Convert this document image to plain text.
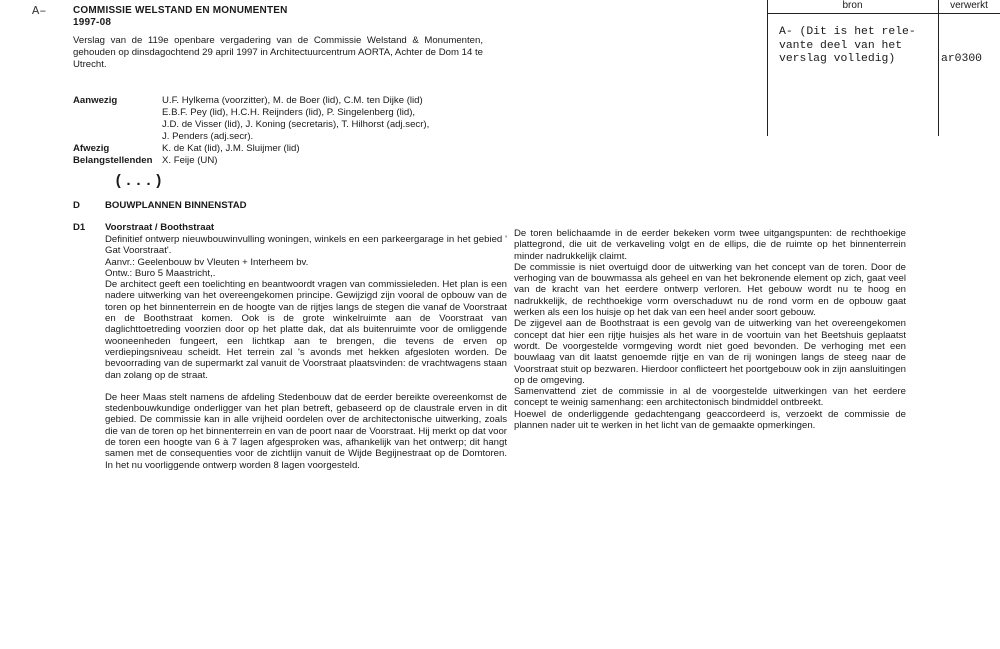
A–	COMMISSIE WELSTAND EN MONUMENTEN
1997-08
Verslag van de 119e openbare vergadering van de Commissie Welstand & Monumenten, gehouden op dinsdagochtend 29 april 1997 in Architectuurcentrum AORTA, Achter de Dom 14 te Utrecht.
Aanwezig	U.F. Hylkema (voorzitter), M. de Boer (lid), C.M. ten Dijke (lid)
E.B.F. Pey (lid), H.C.H. Reijnders (lid), P. Singelenberg (lid),
J.D. de Visser (lid), J. Koning (secretaris), T. Hilhorst (adj.secr),
J. Penders (adj.secr).
Afwezig	K. de Kat (lid), J.M. Sluijmer (lid)
Belangstellenden X. Feije (UN)
(...)
D	BOUWPLANNEN BINNENSTAD
D1 Voorstraat / Boothstraat

Definitief ontwerp nieuwbouwinvulling woningen, winkels en een parkeergarage in het gebied ' Gat Voorstraat'.

Aanvr.: Geelenbouw bv Vleuten + Interheem bv.

Ontw.: Buro 5 Maastricht,.

De architect geeft een toelichting en beantwoordt vragen van commissieleden. Het plan is een nadere uitwerking van het overeengekomen principe. Gewijzigd zijn vooral de opbouw van de toren op het binnenterrein en de hoogte van de rijtjes langs de stegen die vanaf de Voorstraat en de Boothstraat komen. Ook is de grote winkelruimte aan de Voorstraat van daglichttoetreding voorzien door op het platte dak, dat als buitenruimte voor de omliggende wooneenheden fungeert, een lichtkap aan te brengen, die tevens de erven op verdiepingsniveau scheidt. Het terrein zal 's avonds met hekken afgesloten worden. De bevoorrading van de supermarkt zal vanuit de Voorstraat plaatsvinden: de vrachtwagens staan dan zolang op de straat.

De heer Maas stelt namens de afdeling Stedenbouw dat de eerder bereikte overeenkomst de stedenbouwkundige onderligger van het plan betreft, gebaseerd op de claustrale erven in dit gebied. De commissie kan in alle vrijheid oordelen over de architectonische uitwerking, zoals die van de toren op het binnenterrein en van de poort naar de Voorstraat. Hij merkt op dat voor de toren een hoogte van 6 à 7 lagen afgesproken was, afhankelijk van het ontwerp; dit hangt samen met de consequenties voor de zichtlijn vanuit de Wijde Begijnestraat op de Domtoren. In het nu voorliggende ontwerp worden 8 lagen voorgesteld.

De toren belichaamde in de eerder bekeken vorm twee uitgangspunten: de rechthoekige plattegrond, die uit de verkaveling volgt en de ellips, die de ruimte op het binnenterrein minder nadrukkelijk claimt.

De commissie is niet overtuigd door de uitwerking van het concept van de toren. Door de verhoging van de bouwmassa als geheel en van het bekronende element op zich, gaat veel van de kracht van het eerdere ontwerp verloren. Het gebouw wordt nu te hoog en nadrukkelijk, de rechthoekige vorm overschaduwt nu de rond vorm en de opbouw gaat werken als een los huisje op het dak van een heel ander soort gebouw.

De zijgevel aan de Boothstraat is een gevolg van de uitwerking van het overeengekomen concept dat hier een rijtje huisjes als het ware in de voortuin van het Beetshuis geplaatst wordt. De voorgestelde vormgeving wordt niet goed bevonden. De verhoging met een bouwlaag van dit laatst genoemde rijtje en van de rij woningen langs de steeg naar de Voorstraat stuit op bezwaren. Hierdoor conflicteert het poortgebouw ook in zijn aansluitingen op de omgeving.

Samenvattend ziet de commissie in al de voorgestelde uitwerkingen van het eerdere concept te weinig samenhang: een architectonisch bindmiddel ontbreekt.

Hoewel de onderliggende gedachtengang geaccordeerd is, verzoekt de commissie de plannen nader uit te werken in het licht van de gemaakte opmerkingen.

bron	verwerkt
A- (Dit is het rele-
vante deel van het
verslag volledig)	ar0300
